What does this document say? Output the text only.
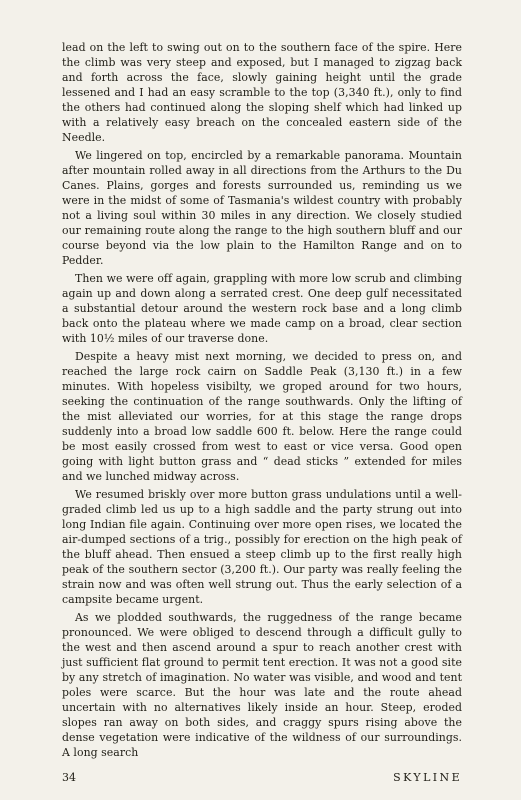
lead on the left to swing out on to the southern face of the spire. Here the climb was very steep and exposed, but I managed to zigzag back and forth across the face, slowly gaining height until the grade lessened and I had an easy scramble to the top (3,340 ft.), only to find the others had continued along the sloping shelf which had linked up with a relatively easy breach on the concealed eastern side of the Needle.

We lingered on top, encircled by a remarkable panorama. Mountain after mountain rolled away in all directions from the Arthurs to the Du Canes. Plains, gorges and forests surrounded us, reminding us we were in the midst of some of Tasmania's wildest country with probably not a living soul within 30 miles in any direction. We closely studied our remaining route along the range to the high southern bluff and our course beyond via the low plain to the Hamilton Range and on to Pedder.

Then we were off again, grappling with more low scrub and climbing again up and down along a serrated crest. One deep gulf necessitated a substantial detour around the western rock base and a long climb back onto the plateau where we made camp on a broad, clear section with 10½ miles of our traverse done.

Despite a heavy mist next morning, we decided to press on, and reached the large rock cairn on Saddle Peak (3,130 ft.) in a few minutes. With hopeless visibilty, we groped around for two hours, seeking the continuation of the range southwards. Only the lifting of the mist alleviated our worries, for at this stage the range drops suddenly into a broad low saddle 600 ft. below. Here the range could be most easily crossed from west to east or vice versa. Good open going with light button grass and “ dead sticks ” extended for miles and we lunched midway across.

We resumed briskly over more button grass undulations until a well-graded climb led us up to a high saddle and the party strung out into long Indian file again. Continuing over more open rises, we located the air-dumped sections of a trig., possibly for erection on the high peak of the bluff ahead. Then ensued a steep climb up to the first really high peak of the southern sector (3,200 ft.). Our party was really feeling the strain now and was often well strung out. Thus the early selection of a campsite became urgent.

As we plodded southwards, the ruggedness of the range became pronounced. We were obliged to descend through a difficult gully to the west and then ascend around a spur to reach another crest with just sufficient flat ground to permit tent erection. It was not a good site by any stretch of imagination. No water was visible, and wood and tent poles were scarce. But the hour was late and the route ahead uncertain with no alternatives likely inside an hour. Steep, eroded slopes ran away on both sides, and craggy spurs rising above the dense vegetation were indicative of the wildness of our surroundings. A long search

34	SKYLINE
